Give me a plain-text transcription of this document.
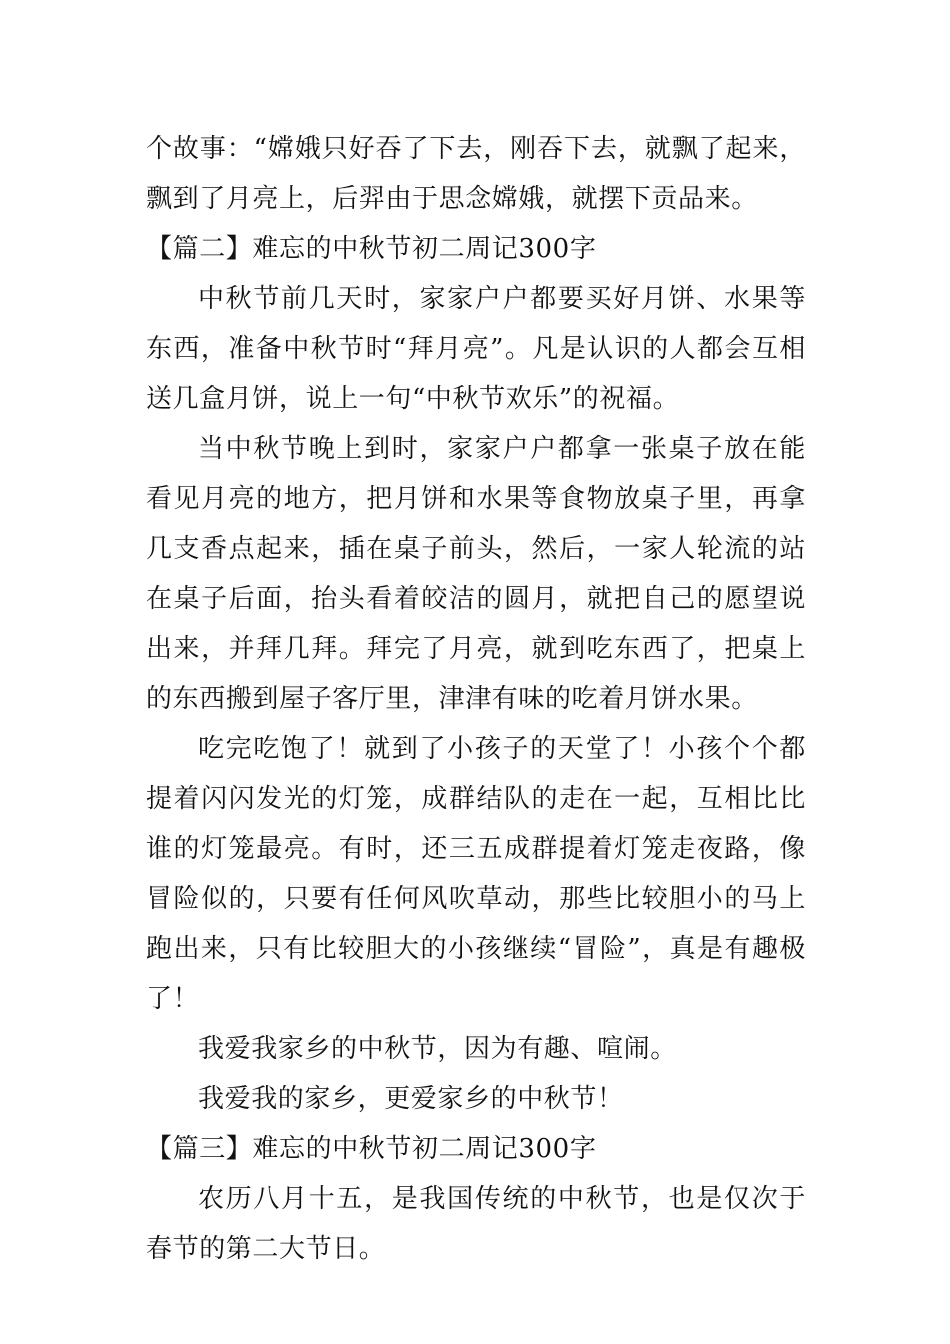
个故事：“嫦娥只好吞了下去，刚吞下去，就飘了起来，飘到了月亮上，后羿由于思念嫦娥，就摆下贡品来。

【篇二】难忘的中秋节初二周记300字

中秋节前几天时，家家户户都要买好月饼、水果等东西，准备中秋节时“拜月亮”。凡是认识的人都会互相送几盒月饼，说上一句“中秋节欢乐”的祝福。

当中秋节晚上到时，家家户户都拿一张桌子放在能看见月亮的地方，把月饼和水果等食物放桌子里，再拿几支香点起来，插在桌子前头，然后，一家人轮流的站在桌子后面，抬头看着皎洁的圆月，就把自己的愿望说出来，并拜几拜。拜完了月亮，就到吃东西了，把桌上的东西搬到屋子客厅里，津津有味的吃着月饼水果。

吃完吃饱了！就到了小孩子的天堂了！小孩个个都提着闪闪发光的灯笼，成群结队的走在一起，互相比比谁的灯笼最亮。有时，还三五成群提着灯笼走夜路，像冒险似的，只要有任何风吹草动，那些比较胆小的马上跑出来，只有比较胆大的小孩继续“冒险”，真是有趣极了！

我爱我家乡的中秋节，因为有趣、喧闹。

我爱我的家乡，更爱家乡的中秋节！

【篇三】难忘的中秋节初二周记300字

农历八月十五，是我国传统的中秋节，也是仅次于春节的第二大节日。
